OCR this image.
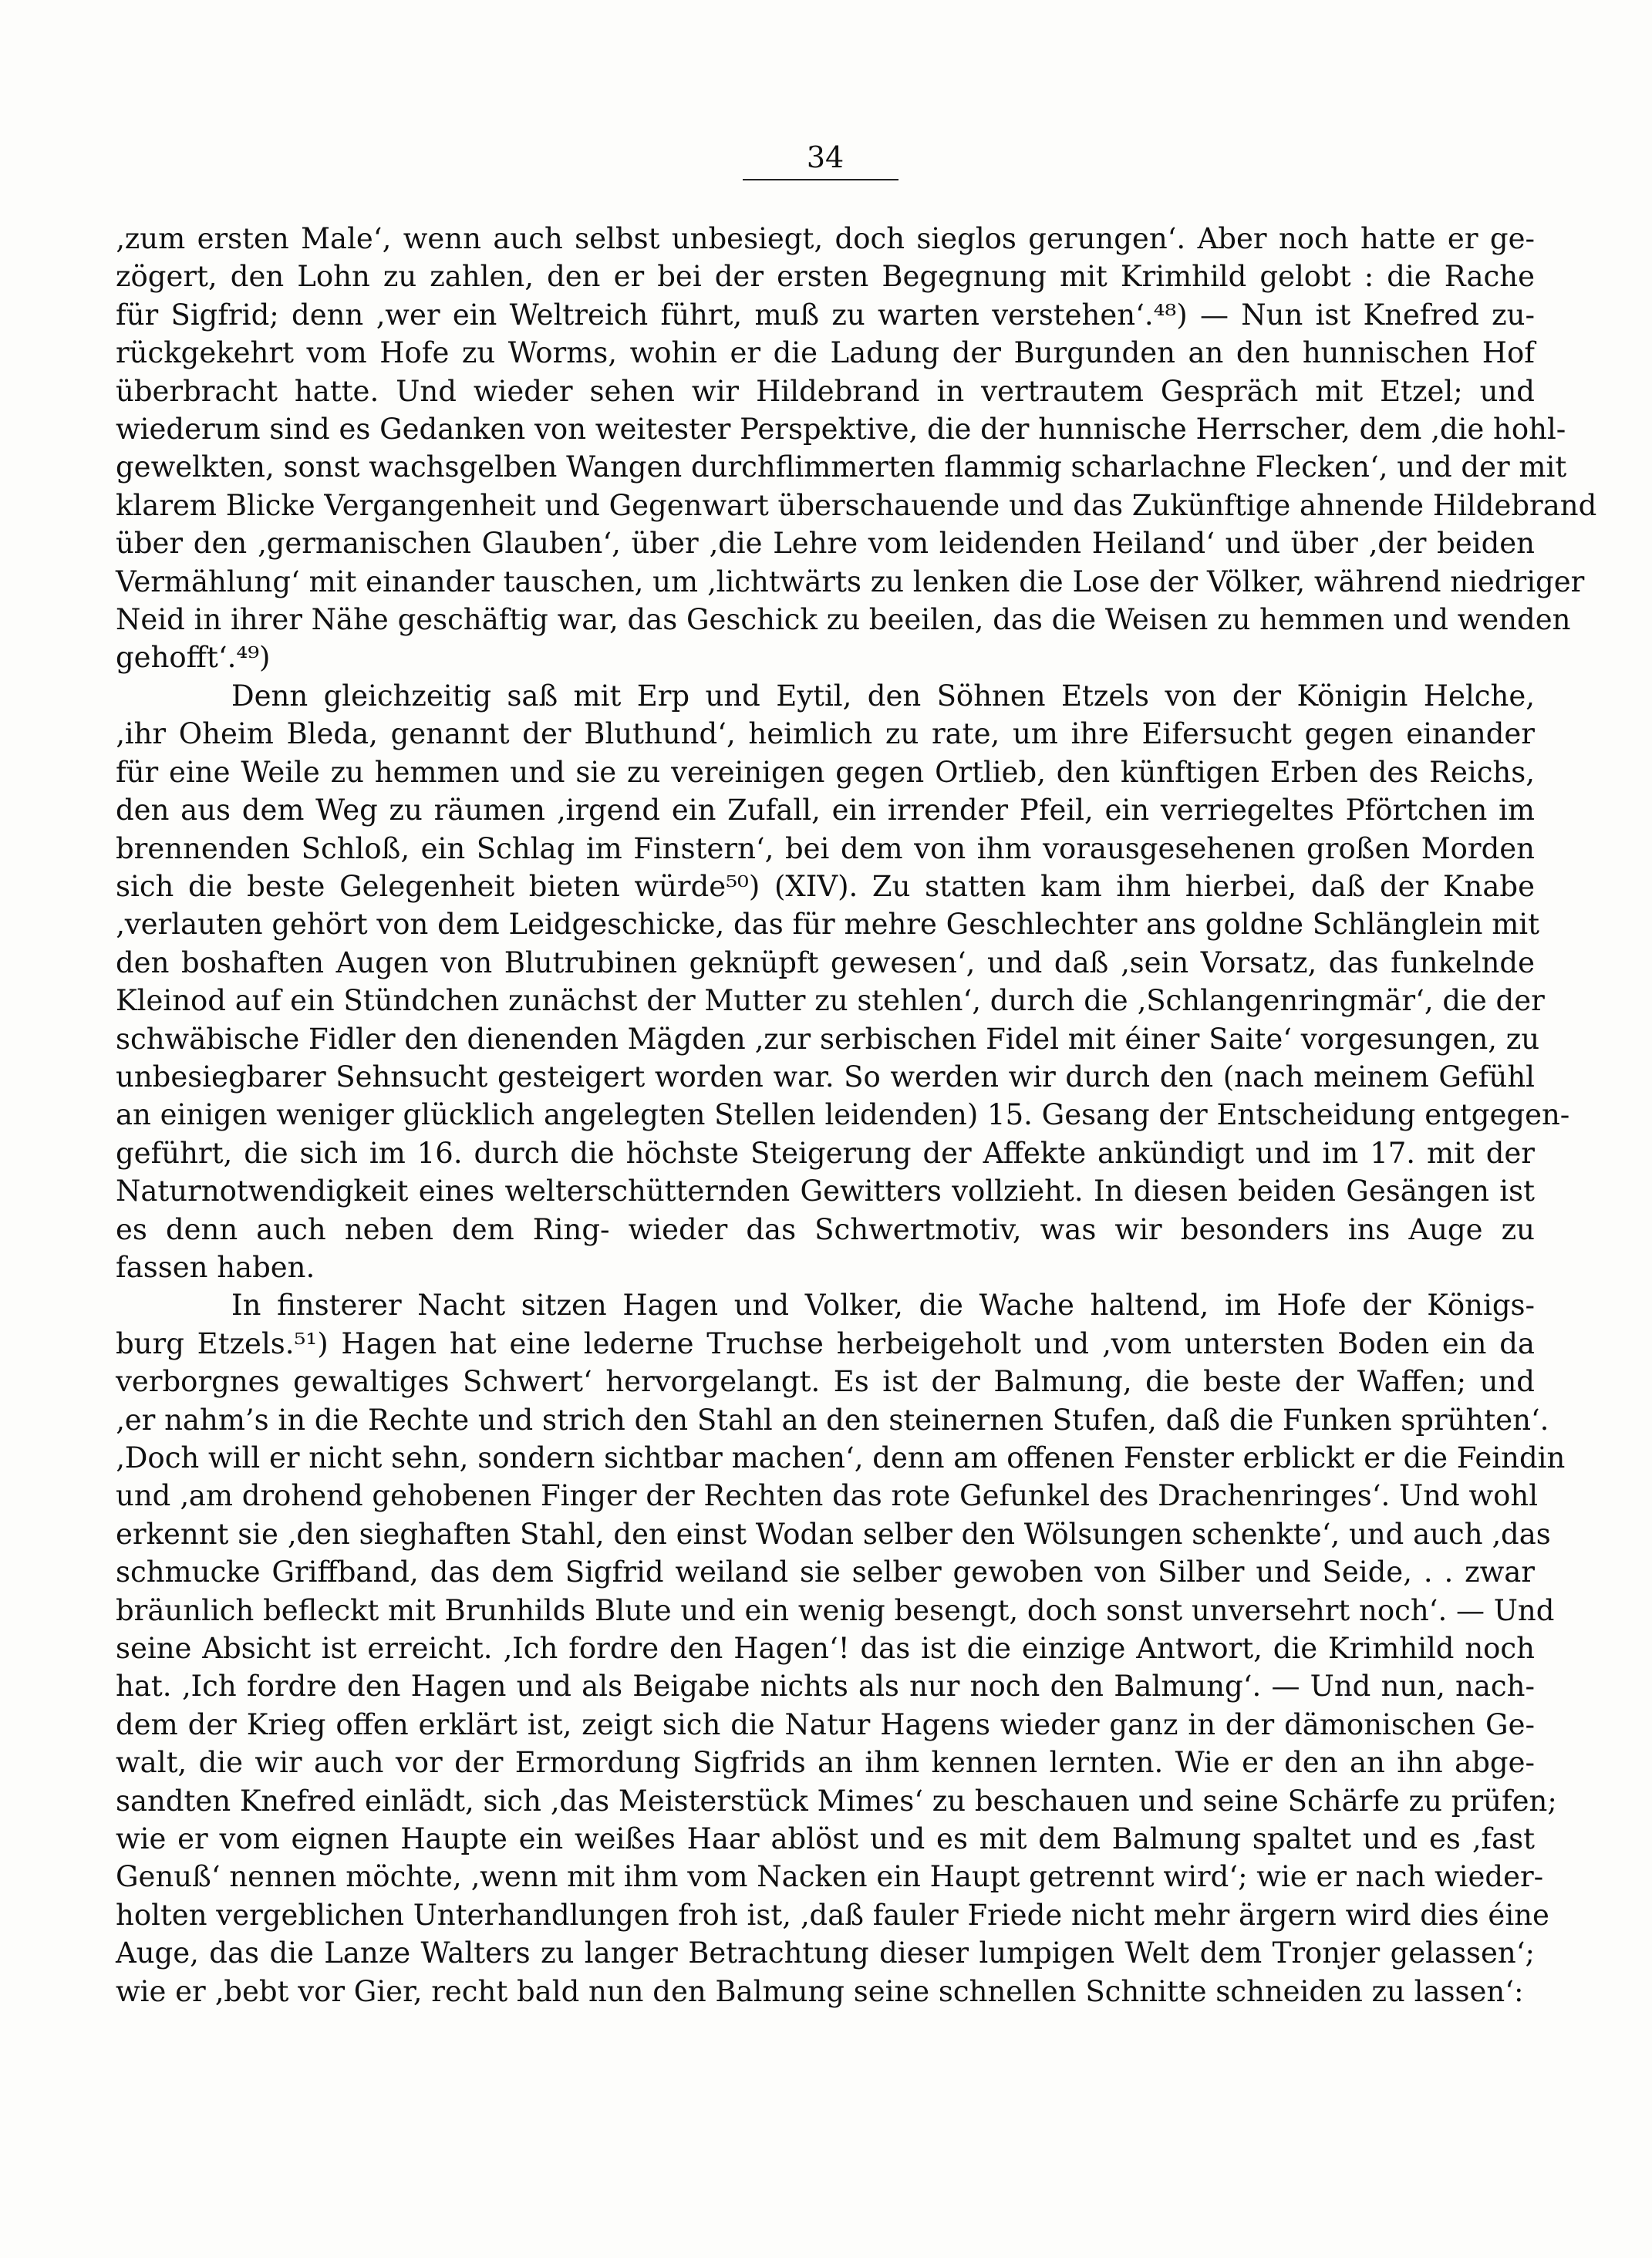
34
‚zum ersten Male‘, wenn auch selbst unbesiegt, doch sieglos gerungen‘. Aber noch hatte er ge-
zögert, den Lohn zu zahlen, den er bei der ersten Begegnung mit Krimhild gelobt : die Rache
für Sigfrid; denn ‚wer ein Weltreich führt, muß zu warten verstehen‘.⁴⁸) — Nun ist Knefred zu-
rückgekehrt vom Hofe zu Worms, wohin er die Ladung der Burgunden an den hunnischen Hof
überbracht hatte. Und wieder sehen wir Hildebrand in vertrautem Gespräch mit Etzel; und
wiederum sind es Gedanken von weitester Perspektive, die der hunnische Herrscher, dem ‚die hohl-
gewelkten, sonst wachsgelben Wangen durchflimmerten flammig scharlachne Flecken‘, und der mit
klarem Blicke Vergangenheit und Gegenwart überschauende und das Zukünftige ahnende Hildebrand
über den ‚germanischen Glauben‘, über ‚die Lehre vom leidenden Heiland‘ und über ‚der beiden
Vermählung‘ mit einander tauschen, um ‚lichtwärts zu lenken die Lose der Völker, während niedriger
Neid in ihrer Nähe geschäftig war, das Geschick zu beeilen, das die Weisen zu hemmen und wenden
gehofft‘.⁴⁹)
Denn gleichzeitig saß mit Erp und Eytil, den Söhnen Etzels von der Königin Helche,
‚ihr Oheim Bleda, genannt der Bluthund‘, heimlich zu rate, um ihre Eifersucht gegen einander
für eine Weile zu hemmen und sie zu vereinigen gegen Ortlieb, den künftigen Erben des Reichs,
den aus dem Weg zu räumen ‚irgend ein Zufall, ein irrender Pfeil, ein verriegeltes Pförtchen im
brennenden Schloß, ein Schlag im Finstern‘, bei dem von ihm vorausgesehenen großen Morden
sich die beste Gelegenheit bieten würde⁵⁰) (XIV). Zu statten kam ihm hierbei, daß der Knabe
‚verlauten gehört von dem Leidgeschicke, das für mehre Geschlechter ans goldne Schlänglein mit
den boshaften Augen von Blutrubinen geknüpft gewesen‘, und daß ‚sein Vorsatz, das funkelnde
Kleinod auf ein Stündchen zunächst der Mutter zu stehlen‘, durch die ‚Schlangenringmär‘, die der
schwäbische Fidler den dienenden Mägden ‚zur serbischen Fidel mit éiner Saite‘ vorgesungen, zu
unbesiegbarer Sehnsucht gesteigert worden war. So werden wir durch den (nach meinem Gefühl
an einigen weniger glücklich angelegten Stellen leidenden) 15. Gesang der Entscheidung entgegen-
geführt, die sich im 16. durch die höchste Steigerung der Affekte ankündigt und im 17. mit der
Naturnotwendigkeit eines welterschütternden Gewitters vollzieht. In diesen beiden Gesängen ist
es denn auch neben dem Ring- wieder das Schwertmotiv, was wir besonders ins Auge zu
fassen haben.
In finsterer Nacht sitzen Hagen und Volker, die Wache haltend, im Hofe der Königs-
burg Etzels.⁵¹) Hagen hat eine lederne Truchse herbeigeholt und ‚vom untersten Boden ein da
verborgnes gewaltiges Schwert‘ hervorgelangt. Es ist der Balmung, die beste der Waffen; und
‚er nahm’s in die Rechte und strich den Stahl an den steinernen Stufen, daß die Funken sprühten‘.
‚Doch will er nicht sehn, sondern sichtbar machen‘, denn am offenen Fenster erblickt er die Feindin
und ‚am drohend gehobenen Finger der Rechten das rote Gefunkel des Drachenringes‘. Und wohl
erkennt sie ‚den sieghaften Stahl, den einst Wodan selber den Wölsungen schenkte‘, und auch ‚das
schmucke Griffband, das dem Sigfrid weiland sie selber gewoben von Silber und Seide, . . zwar
bräunlich befleckt mit Brunhilds Blute und ein wenig besengt, doch sonst unversehrt noch‘. — Und
seine Absicht ist erreicht. ‚Ich fordre den Hagen‘! das ist die einzige Antwort, die Krimhild noch
hat. ‚Ich fordre den Hagen und als Beigabe nichts als nur noch den Balmung‘. — Und nun, nach-
dem der Krieg offen erklärt ist, zeigt sich die Natur Hagens wieder ganz in der dämonischen Ge-
walt, die wir auch vor der Ermordung Sigfrids an ihm kennen lernten. Wie er den an ihn abge-
sandten Knefred einlädt, sich ‚das Meisterstück Mimes‘ zu beschauen und seine Schärfe zu prüfen;
wie er vom eignen Haupte ein weißes Haar ablöst und es mit dem Balmung spaltet und es ‚fast
Genuß‘ nennen möchte, ‚wenn mit ihm vom Nacken ein Haupt getrennt wird‘; wie er nach wieder-
holten vergeblichen Unterhandlungen froh ist, ‚daß fauler Friede nicht mehr ärgern wird dies éine
Auge, das die Lanze Walters zu langer Betrachtung dieser lumpigen Welt dem Tronjer gelassen‘;
wie er ‚bebt vor Gier, recht bald nun den Balmung seine schnellen Schnitte schneiden zu lassen‘:
